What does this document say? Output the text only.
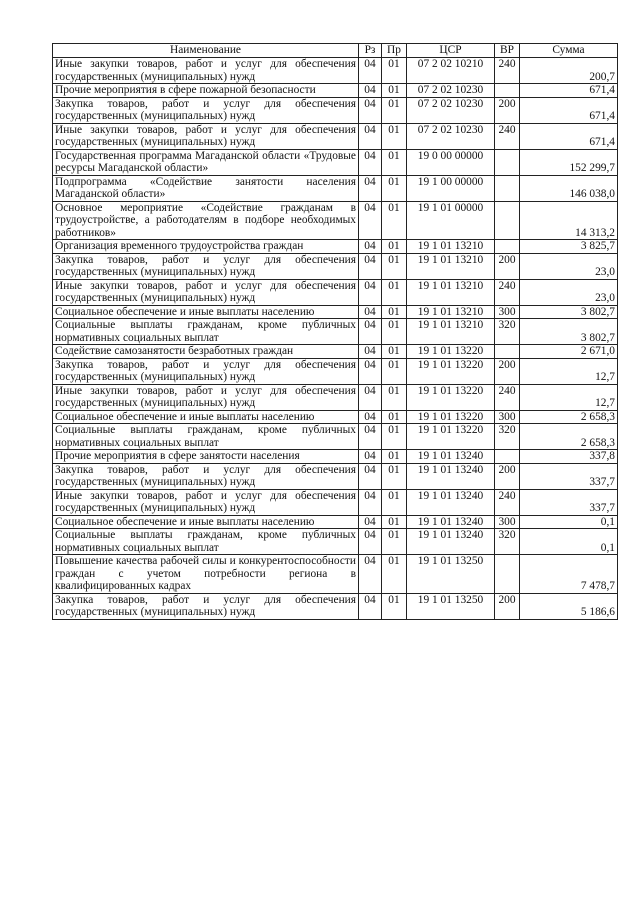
Наименование	Рз	Пр	ЦСР	ВР	Сумма
Иные закупки товаров, работ и услуг для обеспечения государственных (муниципальных) нужд	04	01	07 2 02 10210	240	200,7
Прочие мероприятия в сфере пожарной безопасности	04	01	07 2 02 10230		671,4
Закупка товаров, работ и услуг для обеспечения государственных (муниципальных) нужд	04	01	07 2 02 10230	200	671,4
Иные закупки товаров, работ и услуг для обеспечения государственных (муниципальных) нужд	04	01	07 2 02 10230	240	671,4
Государственная программа Магаданской области «Трудовые ресурсы Магаданской области»	04	01	19 0 00 00000		152 299,7
Подпрограмма «Содействие занятости населения Магаданской области»	04	01	19 1 00 00000		146 038,0
Основное мероприятие «Содействие гражданам в трудоустройстве, а работодателям в подборе необходимых работников»	04	01	19 1 01 00000		14 313,2
Организация временного трудоустройства граждан	04	01	19 1 01 13210		3 825,7
Закупка товаров, работ и услуг для обеспечения государственных (муниципальных) нужд	04	01	19 1 01 13210	200	23,0
Иные закупки товаров, работ и услуг для обеспечения государственных (муниципальных) нужд	04	01	19 1 01 13210	240	23,0
Социальное обеспечение и иные выплаты населению	04	01	19 1 01 13210	300	3 802,7
Социальные выплаты гражданам, кроме публичных нормативных социальных выплат	04	01	19 1 01 13210	320	3 802,7
Содействие самозанятости безработных граждан	04	01	19 1 01 13220		2 671,0
Закупка товаров, работ и услуг для обеспечения государственных (муниципальных) нужд	04	01	19 1 01 13220	200	12,7
Иные закупки товаров, работ и услуг для обеспечения государственных (муниципальных) нужд	04	01	19 1 01 13220	240	12,7
Социальное обеспечение и иные выплаты населению	04	01	19 1 01 13220	300	2 658,3
Социальные выплаты гражданам, кроме публичных нормативных социальных выплат	04	01	19 1 01 13220	320	2 658,3
Прочие мероприятия в сфере занятости населения	04	01	19 1 01 13240		337,8
Закупка товаров, работ и услуг для обеспечения государственных (муниципальных) нужд	04	01	19 1 01 13240	200	337,7
Иные закупки товаров, работ и услуг для обеспечения государственных (муниципальных) нужд	04	01	19 1 01 13240	240	337,7
Социальное обеспечение и иные выплаты населению	04	01	19 1 01 13240	300	0,1
Социальные выплаты гражданам, кроме публичных нормативных социальных выплат	04	01	19 1 01 13240	320	0,1
Повышение качества рабочей силы и конкурентоспособности граждан с учетом потребности региона в квалифицированных кадрах	04	01	19 1 01 13250		7 478,7
Закупка товаров, работ и услуг для обеспечения государственных (муниципальных) нужд	04	01	19 1 01 13250	200	5 186,6
